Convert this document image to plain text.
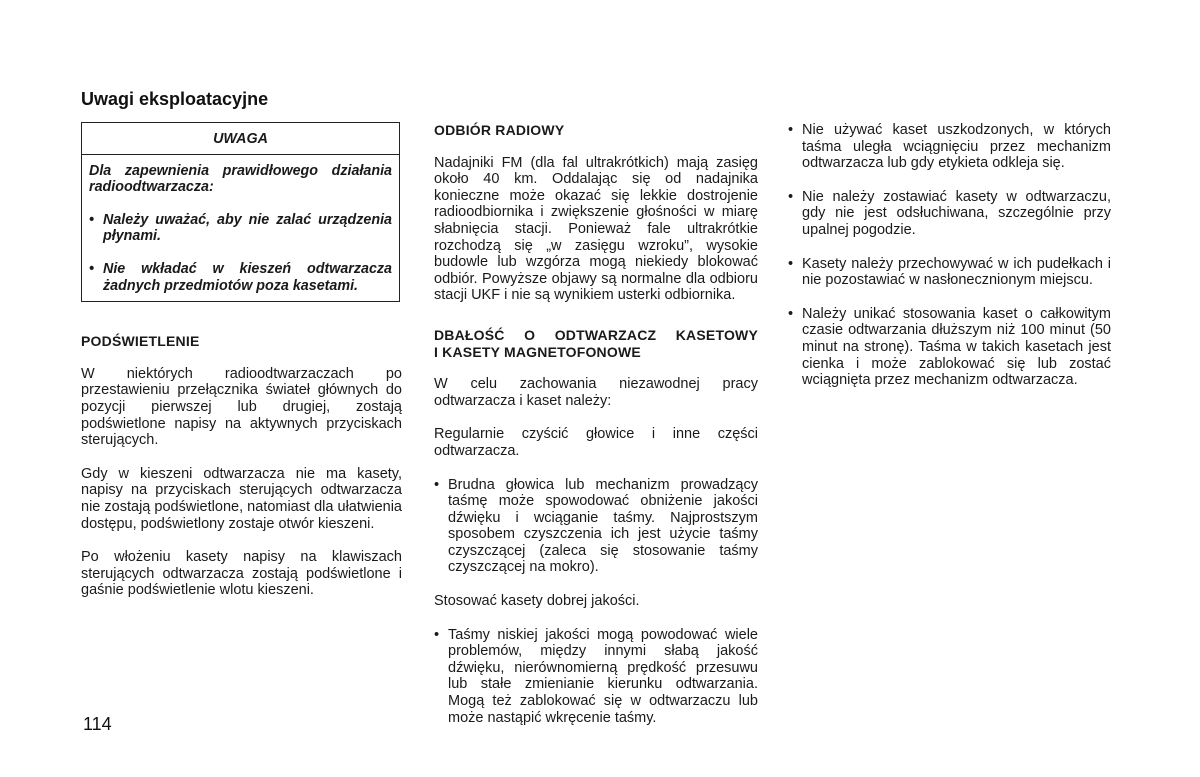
Uwagi eksploatacyjne
UWAGA

Dla zapewnienia prawidłowego działania radioodtwarzacza:

• Należy uważać, aby nie zalać urządzenia płynami.
• Nie wkładać w kieszeń odtwarzacza żadnych przedmiotów poza kasetami.
PODŚWIETLENIE

W niektórych radioodtwarzaczach po przestawieniu przełącznika świateł głównych do pozycji pierwszej lub drugiej, zostają podświetlone napisy na aktywnych przyciskach sterujących.

Gdy w kieszeni odtwarzacza nie ma kasety, napisy na przyciskach sterujących odtwarzacza nie zostają podświetlone, natomiast dla ułatwienia dostępu, podświetlony zostaje otwór kieszeni.

Po włożeniu kasety napisy na klawiszach sterujących odtwarzacza zostają podświetlone i gaśnie podświetlenie wlotu kieszeni.

ODBIÓR RADIOWY

Nadajniki FM (dla fal ultrakrótkich) mają zasięg około 40 km. Oddalając się od nadajnika konieczne może okazać się lekkie dostrojenie radioodbiornika i zwiększenie głośności w miarę słabnięcia stacji. Ponieważ fale ultrakrótkie rozchodzą się „w zasięgu wzroku”, wysokie budowle lub wzgórza mogą niekiedy blokować odbiór. Powyższe objawy są normalne dla odbioru stacji UKF i nie są wynikiem usterki odbiornika.

DBAŁOŚĆ O ODTWARZACZ KASETOWY
I KASETY MAGNETOFONOWE

W celu zachowania niezawodnej pracy odtwarzacza i kaset należy:

Regularnie czyścić głowice i inne części odtwarzacza.

• Brudna głowica lub mechanizm prowadzący taśmę może spowodować obniżenie jakości dźwięku i wciąganie taśmy. Najprostszym sposobem czyszczenia ich jest użycie taśmy czyszczącej (zaleca się stosowanie taśmy czyszczącej na mokro).

Stosować kasety dobrej jakości.

• Taśmy niskiej jakości mogą powodować wiele problemów, między innymi słabą jakość dźwięku, nierównomierną prędkość przesuwu lub stałe zmienianie kierunku odtwarzania. Mogą też zablokować się w odtwarzaczu lub może nastąpić wkręcenie taśmy.
• Nie używać kaset uszkodzonych, w których taśma uległa wciągnięciu przez mechanizm odtwarzacza lub gdy etykieta odkleja się.
• Nie należy zostawiać kasety w odtwarzaczu, gdy nie jest odsłuchiwana, szczególnie przy upalnej pogodzie.
• Kasety należy przechowywać w ich pudełkach i nie pozostawiać w nasłonecznionym miejscu.
• Należy unikać stosowania kaset o całkowitym czasie odtwarzania dłuższym niż 100 minut (50 minut na stronę). Taśma w takich kasetach jest cienka i może zablokować się lub zostać wciągnięta przez mechanizm odtwarzacza.
114
